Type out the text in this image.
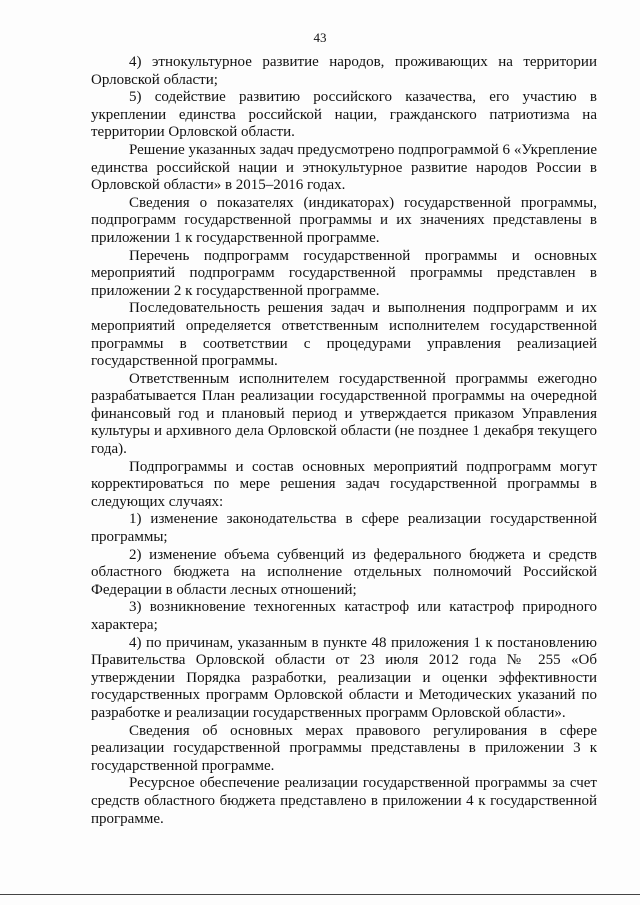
43

4) этнокультурное развитие народов, проживающих на территории Орловской области;

5) содействие развитию российского казачества, его участию в укреплении единства российской нации, гражданского патриотизма на территории Орловской области.

Решение указанных задач предусмотрено подпрограммой 6 «Укрепление единства российской нации и этнокультурное развитие народов России в Орловской области» в 2015–2016 годах.

Сведения о показателях (индикаторах) государственной программы, подпрограмм государственной программы и их значениях представлены в приложении 1 к государственной программе.

Перечень подпрограмм государственной программы и основных мероприятий подпрограмм государственной программы представлен в приложении 2 к государственной программе.

Последовательность решения задач и выполнения подпрограмм и их мероприятий определяется ответственным исполнителем государственной программы в соответствии с процедурами управления реализацией государственной программы.

Ответственным исполнителем государственной программы ежегодно разрабатывается План реализации государственной программы на очередной финансовый год и плановый период и утверждается приказом Управления культуры и архивного дела Орловской области (не позднее 1 декабря текущего года).

Подпрограммы и состав основных мероприятий подпрограмм могут корректироваться по мере решения задач государственной программы в следующих случаях:

1) изменение законодательства в сфере реализации государственной программы;

2) изменение объема субвенций из федерального бюджета и средств областного бюджета на исполнение отдельных полномочий Российской Федерации в области лесных отношений;

3) возникновение техногенных катастроф или катастроф природного характера;

4) по причинам, указанным в пункте 48 приложения 1 к постановлению Правительства Орловской области от 23 июля 2012 года № 255 «Об утверждении Порядка разработки, реализации и оценки эффективности государственных программ Орловской области и Методических указаний по разработке и реализации государственных программ Орловской области».

Сведения об основных мерах правового регулирования в сфере реализации государственной программы представлены в приложении 3 к государственной программе.

Ресурсное обеспечение реализации государственной программы за счет средств областного бюджета представлено в приложении 4 к государственной программе.
